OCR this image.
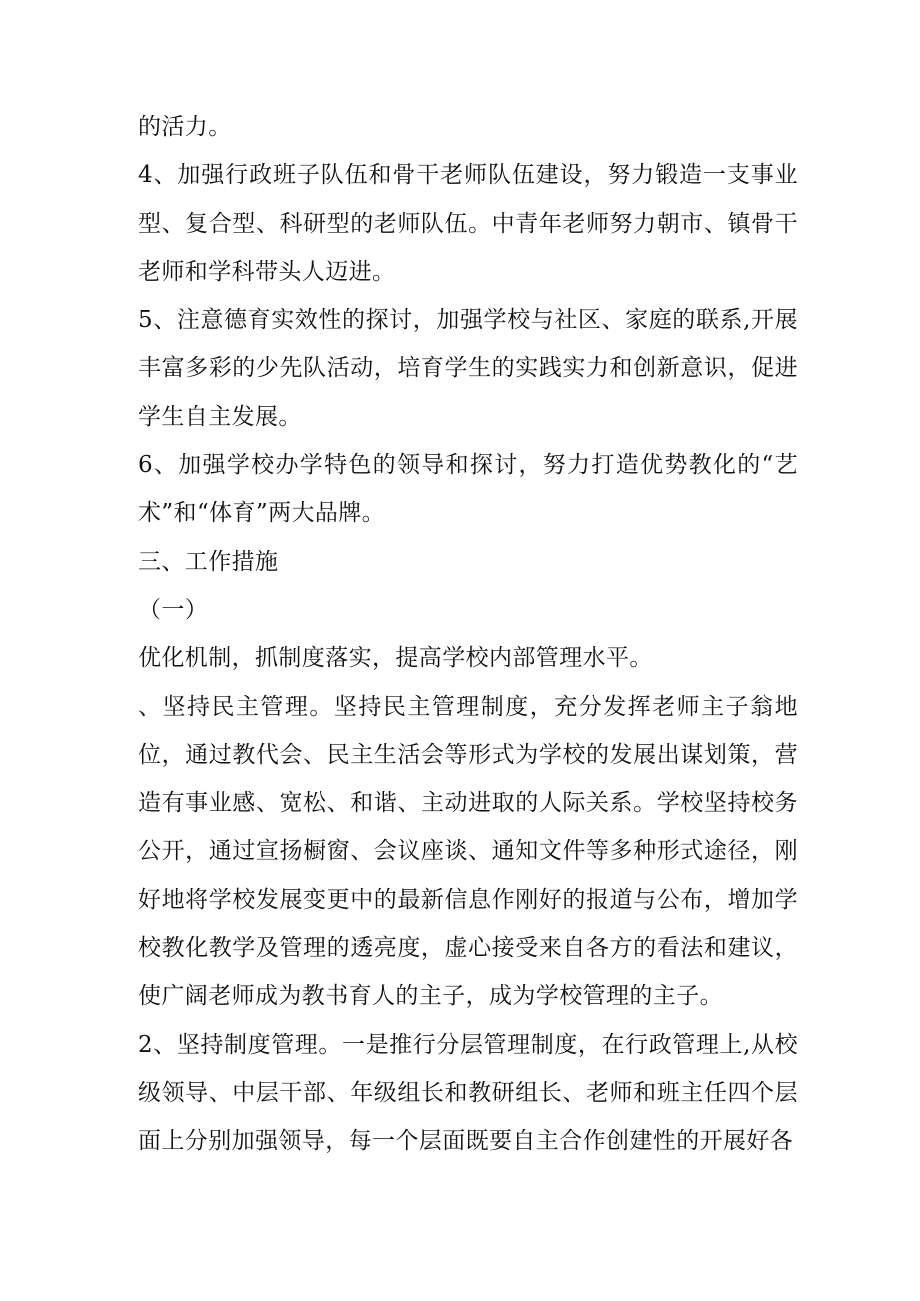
的活力。

4、加强行政班子队伍和骨干老师队伍建设，努力锻造一支事业型、复合型、科研型的老师队伍。中青年老师努力朝市、镇骨干老师和学科带头人迈进。

5、注意德育实效性的探讨，加强学校与社区、家庭的联系,开展丰富多彩的少先队活动，培育学生的实践实力和创新意识，促进学生自主发展。

6、加强学校办学特色的领导和探讨，努力打造优势教化的“艺术”和“体育”两大品牌。

三、工作措施

（一）

优化机制，抓制度落实，提高学校内部管理水平。

、坚持民主管理。坚持民主管理制度，充分发挥老师主子翁地位，通过教代会、民主生活会等形式为学校的发展出谋划策，营造有事业感、宽松、和谐、主动进取的人际关系。学校坚持校务公开，通过宣扬橱窗、会议座谈、通知文件等多种形式途径，刚好地将学校发展变更中的最新信息作刚好的报道与公布，增加学校教化教学及管理的透亮度，虚心接受来自各方的看法和建议，使广阔老师成为教书育人的主子，成为学校管理的主子。

2、坚持制度管理。一是推行分层管理制度，在行政管理上,从校级领导、中层干部、年级组长和教研组长、老师和班主任四个层面上分别加强领导，每一个层面既要自主合作创建性的开展好各
